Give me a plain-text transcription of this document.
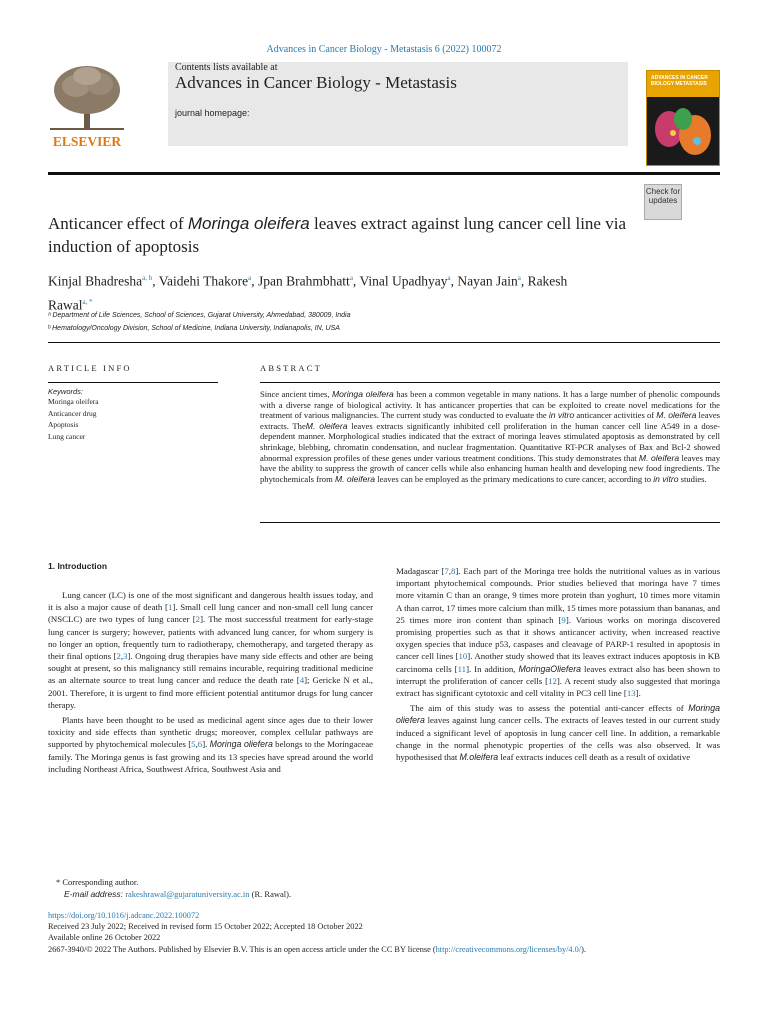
Advances in Cancer Biology - Metastasis 6 (2022) 100072
ELSEVIER
Contents lists available at
Advances in Cancer Biology - Metastasis
journal homepage:
ADVANCES IN CANCER BIOLOGY METASTASIS
Check for updates
Anticancer effect of Moringa oleifera leaves extract against lung cancer cell line via induction of apoptosis
Kinjal Bhadresha$^{a, b}$, Vaidehi Thakore$^a$, Jpan Brahmbhatt$^a$, Vinal Upadhyay$^a$, Nayan Jain$^a$, Rakesh Rawal$^{a, *}$
ᵃ Department of Life Sciences, School of Sciences, Gujarat University, Ahmedabad, 380009, India
ᵇ Hematology/Oncology Division, School of Medicine, Indiana University, Indianapolis, IN, USA
ARTICLE INFO	ABSTRACT
Keywords:
Moringa oleifera
Anticancer drug
Apoptosis
Lung cancer
Since ancient times, Moringa oleifera has been a common vegetable in many nations. It has a large number of phenolic compounds with a diverse range of biological activity. It has anticancer properties that can be exploited to create novel medications for the treatment of various malignancies. The current study was conducted to evaluate the in vitro anticancer activities of M. oleifera leaves extracts. TheM. oleifera leaves extracts significantly inhibited cell proliferation in the human cancer cell line A549 in a dose-dependent manner. Morphological studies indicated that the extract of moringa leaves stimulated apoptosis as demonstrated by cell shrinkage, blebbing, chromatin condensation, and nuclear fragmentation. Quantitative RT-PCR analyses of Bax and Bcl-2 showed abnormal expression profiles of these genes under various treatment conditions. This study demonstrates that M. oleifera leaves may have the ability to suppress the growth of cancer cells while also enhancing human health and developing new food ingredients. The phytochemicals from M. oleifera leaves can be employed as the primary medications to cure cancer, according to in vitro studies.
1. Introduction

Lung cancer (LC) is one of the most significant and dangerous health issues today, and it is also a major cause of death [1]. Small cell lung cancer and non-small cell lung cancer (NSCLC) are two types of lung cancer [2]. The most successful treatment for early-stage lung cancer is surgery; however, patients with advanced lung cancer, for whom surgery is no longer an option, frequently turn to radiotherapy, chemotherapy, and targeted therapy as their final options [2,3]. Ongoing drug therapies have many side effects and other are being sought at present, so this malignancy still remains incurable, requiring traditional medicine as an alternate source to treat lung cancer and reduce the death rate [4]; Gericke N et al., 2001. Therefore, it is urgent to find more efficient potential antitumor drugs for lung cancer therapy.

Plants have been thought to be used as medicinal agent since ages due to their lower toxicity and side effects than synthetic drugs; moreover, complex cellular pathways are supported by phytochemical molecules [5,6]. Moringa oliefera belongs to the Moringaceae family. The Moringa genus is fast growing and its 13 species have spread around the world including Northeast Africa, Southwest Africa, Southwest Asia and

Madagascar [7,8]. Each part of the Moringa tree holds the nutritional values as in various important phytochemical compounds. Prior studies believed that moringa have 7 times more vitamin C than an orange, 9 times more protein than yoghurt, 10 times more vitamin A than carrot, 17 times more calcium than milk, 15 times more potassium than bananas, and 25 times more iron content than spinach [9]. Various works on moringa discovered promising properties such as that it shows anticancer activity, when increased reactive oxygen species that induce p53, caspases and cleavage of PARP-1 resulted in apoptosis in cancer cell lines [10]. Another study showed that its leaves extract induces apoptosis in KB carcinoma cells [11]. In addition, MoringaOliefera leaves extract also has been shown to interrupt the proliferation of cancer cells [12]. A recent study also suggested that moringa extract has significant cytotoxic and cell vitality in PC3 cell line [13].

The aim of this study was to assess the potential anti-cancer effects of Moringa oliefera leaves against lung cancer cells. The extracts of leaves tested in our current study induced a significant level of apoptosis in lung cancer cell line. In addition, a remarkable change in the normal phenotypic properties of the cells was also observed. It was hypothesised that M.oleifera leaf extracts induces cell death as a result of oxidative

* Corresponding author.
E-mail address: rakeshrawal@gujaratuniversity.ac.in (R. Rawal).
https://doi.org/10.1016/j.adcanc.2022.100072
Received 23 July 2022; Received in revised form 15 October 2022; Accepted 18 October 2022
Available online 26 October 2022
2667-3940/© 2022 The Authors. Published by Elsevier B.V. This is an open access article under the CC BY license (http://creativecommons.org/licenses/by/4.0/).
